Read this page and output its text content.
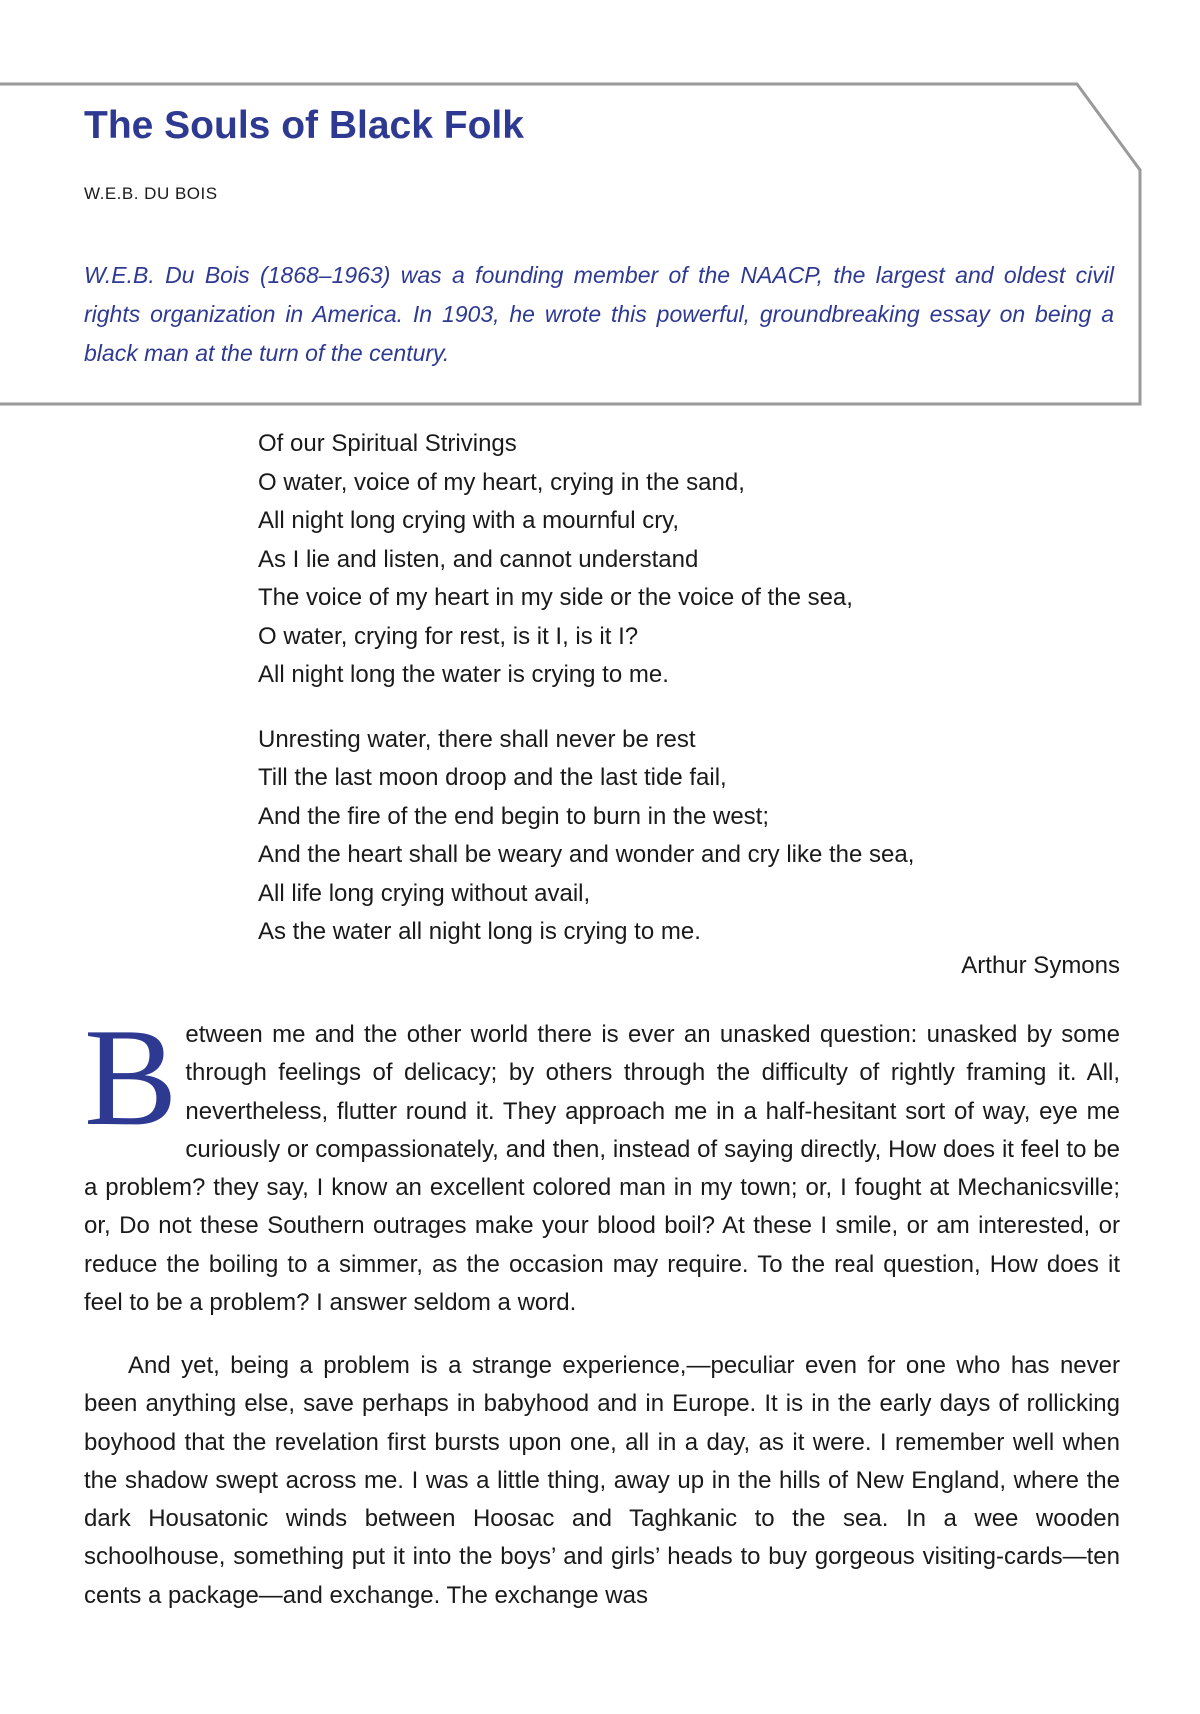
The Souls of Black Folk
W.E.B. DU BOIS
W.E.B. Du Bois (1868–1963) was a founding member of the NAACP, the largest and oldest civil rights organization in America. In 1903, he wrote this powerful, groundbreaking essay on being a black man at the turn of the century.
Of our Spiritual Strivings
O water, voice of my heart, crying in the sand,
All night long crying with a mournful cry,
As I lie and listen, and cannot understand
The voice of my heart in my side or the voice of the sea,
O water, crying for rest, is it I, is it I?
All night long the water is crying to me.
Unresting water, there shall never be rest
Till the last moon droop and the last tide fail,
And the fire of the end begin to burn in the west;
And the heart shall be weary and wonder and cry like the sea,
All life long crying without avail,
As the water all night long is crying to me.
Arthur Symons
Between me and the other world there is ever an unasked question: unasked by some through feelings of delicacy; by others through the difficulty of rightly framing it. All, nevertheless, flutter round it. They approach me in a half-hesitant sort of way, eye me curiously or compassionately, and then, instead of saying directly, How does it feel to be a problem? they say, I know an excellent colored man in my town; or, I fought at Mechanicsville; or, Do not these Southern outrages make your blood boil? At these I smile, or am interested, or reduce the boiling to a simmer, as the occasion may require. To the real question, How does it feel to be a problem? I answer seldom a word.
And yet, being a problem is a strange experience,—peculiar even for one who has never been anything else, save perhaps in babyhood and in Europe. It is in the early days of rollicking boyhood that the revelation first bursts upon one, all in a day, as it were. I remember well when the shadow swept across me. I was a little thing, away up in the hills of New England, where the dark Housatonic winds between Hoosac and Taghkanic to the sea. In a wee wooden schoolhouse, something put it into the boys’ and girls’ heads to buy gorgeous visiting-cards—ten cents a package—and exchange. The exchange was
